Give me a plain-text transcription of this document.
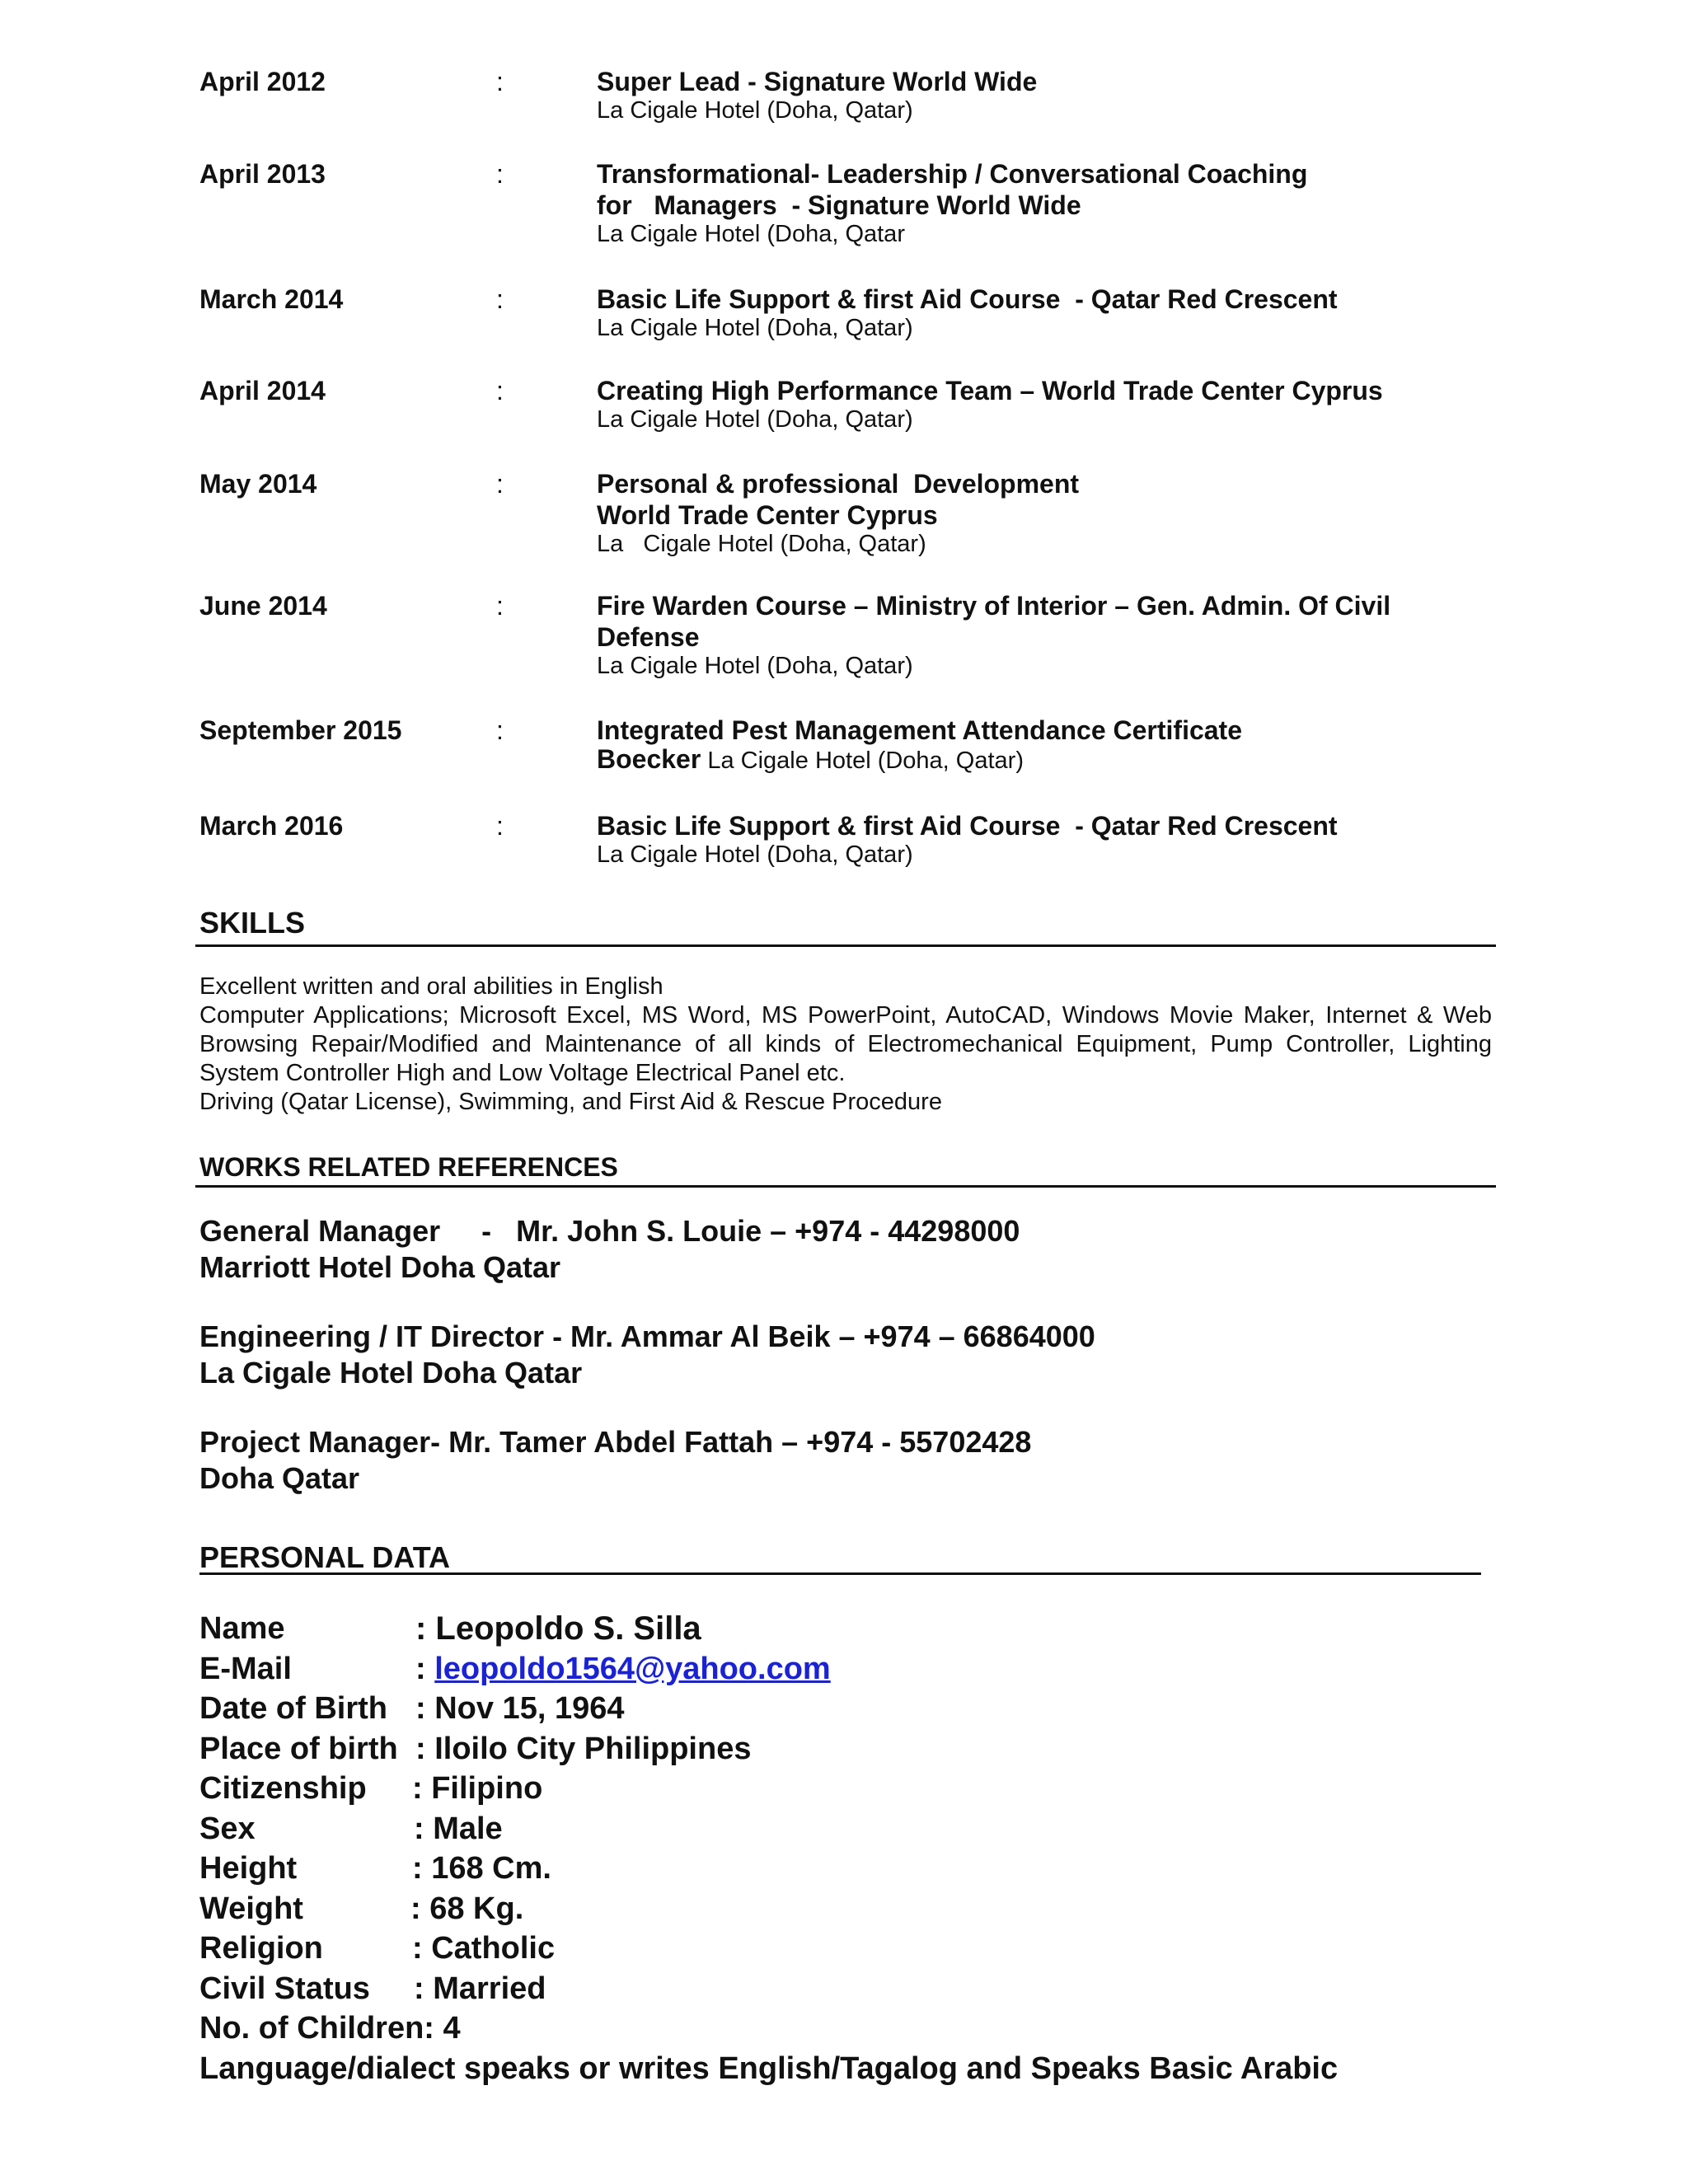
April 2012	:	Super Lead - Signature World Wide
La Cigale Hotel (Doha, Qatar)
April 2013	:	Transformational- Leadership / Conversational Coaching
for   Managers  - Signature World Wide
La Cigale Hotel (Doha, Qatar
March 2014	:	Basic Life Support & first Aid Course  - Qatar Red Crescent
La Cigale Hotel (Doha, Qatar)
April 2014	:	Creating High Performance Team – World Trade Center Cyprus
La Cigale Hotel (Doha, Qatar)
May 2014	:	Personal & professional  Development
World Trade Center Cyprus
La   Cigale Hotel (Doha, Qatar)
June 2014	:	Fire Warden Course – Ministry of Interior – Gen. Admin. Of Civil
Defense
La Cigale Hotel (Doha, Qatar)
September 2015	:	Integrated Pest Management Attendance Certificate
Boecker La Cigale Hotel (Doha, Qatar)
March 2016	:	Basic Life Support & first Aid Course  - Qatar Red Crescent
La Cigale Hotel (Doha, Qatar)
SKILLS
Excellent written and oral abilities in English
Computer Applications; Microsoft Excel, MS Word, MS PowerPoint, AutoCAD, Windows Movie Maker, Internet & Web Browsing Repair/Modified and Maintenance of all kinds of Electromechanical Equipment, Pump Controller, Lighting System Controller High and Low Voltage Electrical Panel etc.
Driving (Qatar License), Swimming, and First Aid & Rescue Procedure
WORKS RELATED REFERENCES
General Manager     -   Mr. John S. Louie – +974 - 44298000
Marriott Hotel Doha Qatar
Engineering / IT Director - Mr. Ammar Al Beik – +974 – 66864000
La Cigale Hotel Doha Qatar
Project Manager- Mr. Tamer Abdel Fattah – +974 - 55702428
Doha Qatar
PERSONAL DATA
Name	: Leopoldo S. Silla
E-Mail	: leopoldo1564@yahoo.com
Date of Birth : Nov 15, 1964
Place of birth : Iloilo City Philippines
Citizenship : Filipino
Sex	: Male
Height	: 168 Cm.
Weight	: 68 Kg.
Religion	: Catholic
Civil Status : Married
No. of Children: 4
Language/dialect speaks or writes English/Tagalog and Speaks Basic Arabic
